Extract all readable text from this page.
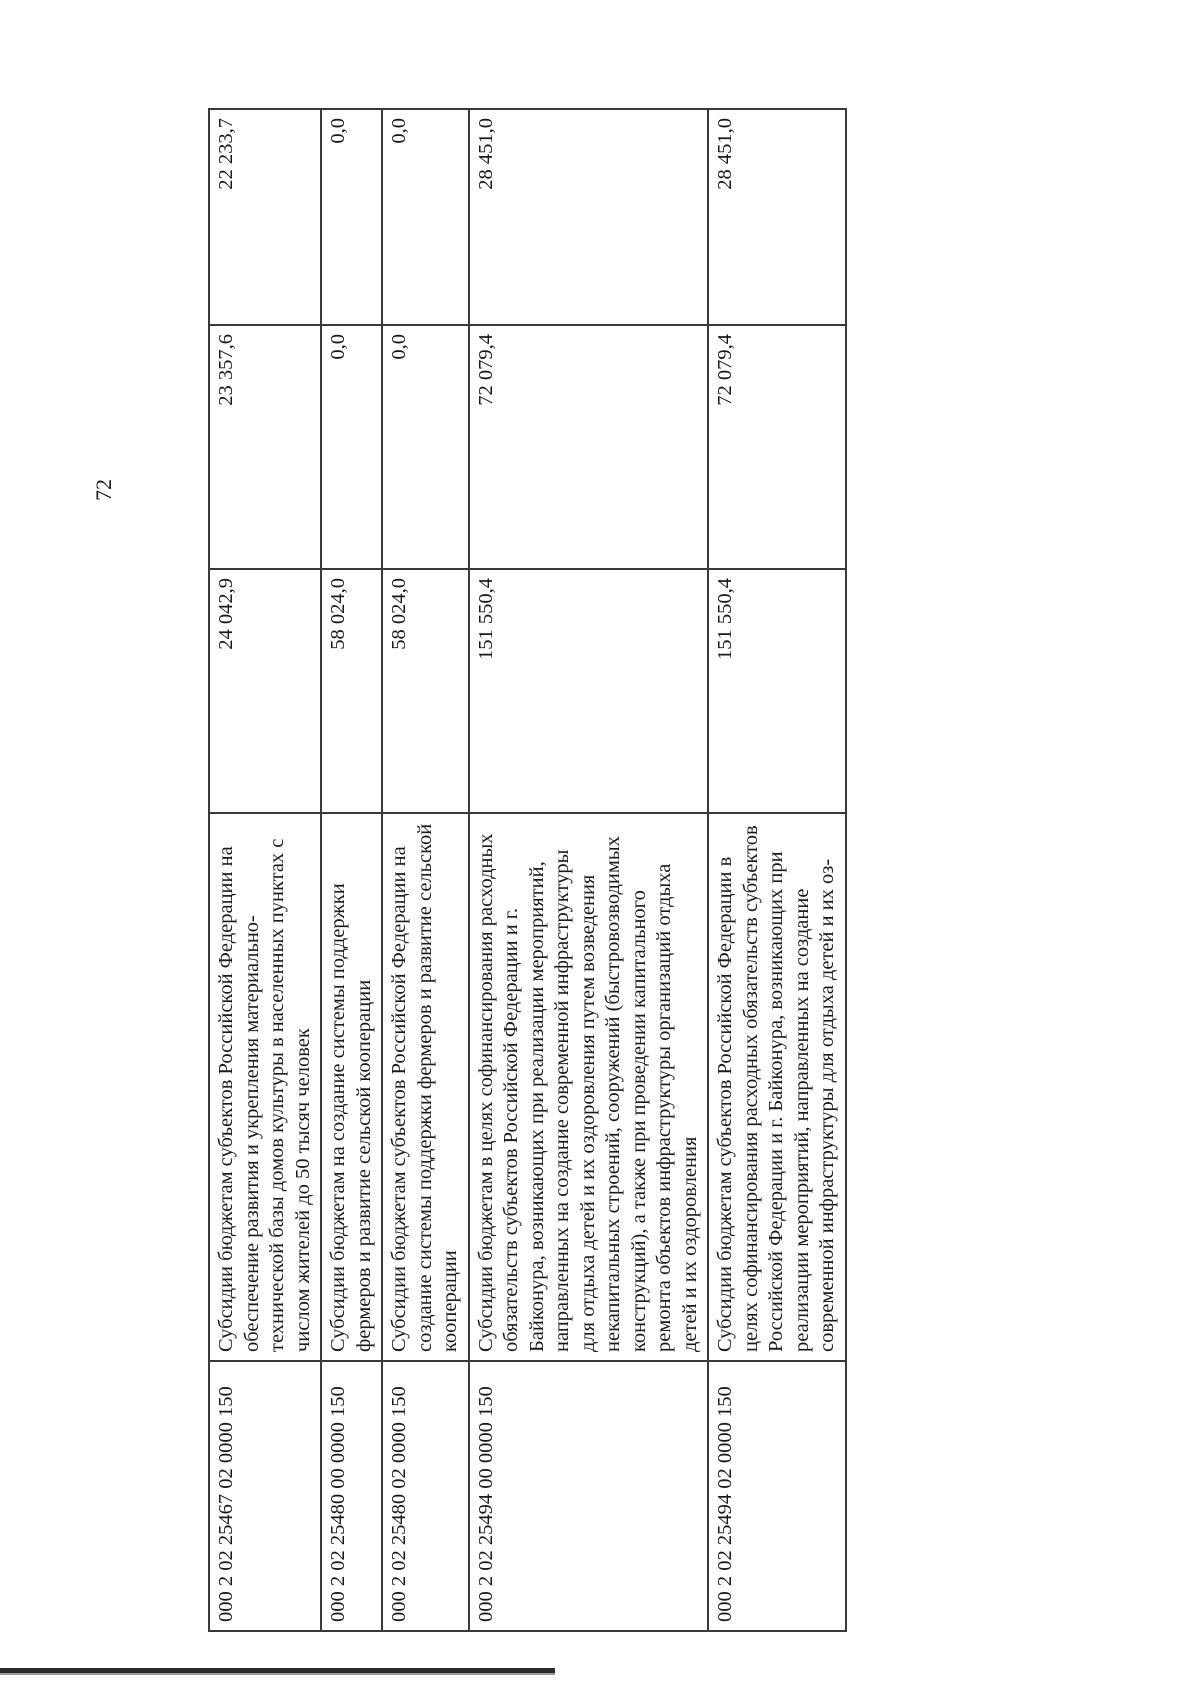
72
000 2 02 25467 02 0000 150	Субсидии бюджетам субъектов Российской Федерации на обеспечение развития и укрепления материально-технической базы домов культуры в населенных пунктах с числом жителей до 50 тысяч человек	24 042,9	23 357,6	22 233,7
000 2 02 25480 00 0000 150	Субсидии бюджетам на создание системы поддержки фермеров и развитие сельской кооперации	58 024,0	0,0	0,0
000 2 02 25480 02 0000 150	Субсидии бюджетам субъектов Российской Федерации на создание системы поддержки фермеров и развитие сельской кооперации	58 024,0	0,0	0,0
000 2 02 25494 00 0000 150	Субсидии бюджетам в целях софинансирования расходных обязательств субъектов Российской Федерации и г. Байконура, возникающих при реализации мероприятий, направленных на создание современной инфраструктуры для отдыха детей и их оздоровления путем возведения некапитальных строений, сооружений (быстровозводимых конструкций), а также при проведении капитального ремонта объектов инфраструктуры организаций отдыха детей и их оздоровления	151 550,4	72 079,4	28 451,0
000 2 02 25494 02 0000 150	Субсидии бюджетам субъектов Российской Федерации в целях софинансирования расходных обязательств субъектов Российской Федерации и г. Байконура, возникающих при реализации мероприятий, направленных на создание современной инфраструктуры для отдыха детей и их оз-	151 550,4	72 079,4	28 451,0
